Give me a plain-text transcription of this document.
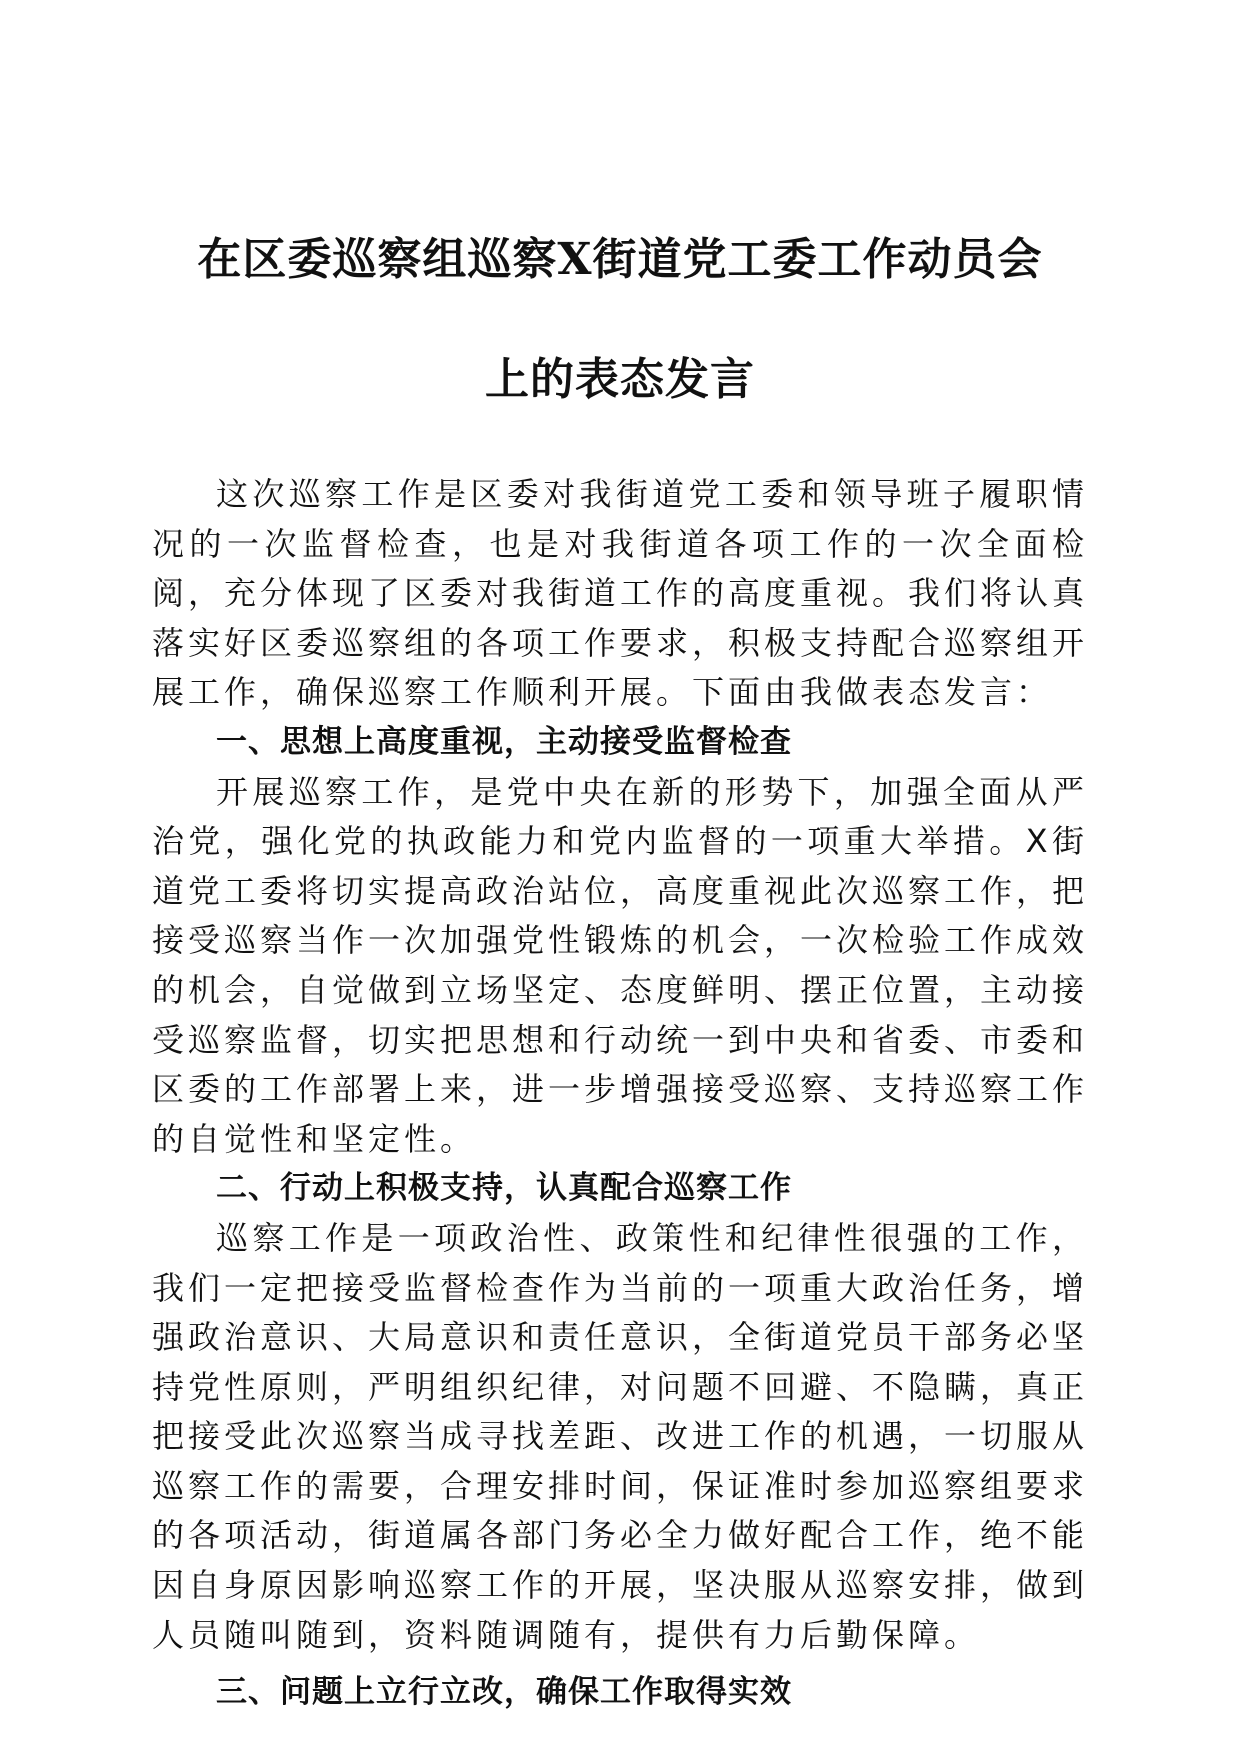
在区委巡察组巡察X街道党工委工作动员会
上的表态发言

这次巡察工作是区委对我街道党工委和领导班子履职情况的一次监督检查，也是对我街道各项工作的一次全面检阅，充分体现了区委对我街道工作的高度重视。我们将认真落实好区委巡察组的各项工作要求，积极支持配合巡察组开展工作，确保巡察工作顺利开展。下面由我做表态发言：

一、思想上高度重视，主动接受监督检查

开展巡察工作，是党中央在新的形势下，加强全面从严治党，强化党的执政能力和党内监督的一项重大举措。X街道党工委将切实提高政治站位，高度重视此次巡察工作，把接受巡察当作一次加强党性锻炼的机会，一次检验工作成效的机会，自觉做到立场坚定、态度鲜明、摆正位置，主动接受巡察监督，切实把思想和行动统一到中央和省委、市委和区委的工作部署上来，进一步增强接受巡察、支持巡察工作的自觉性和坚定性。

二、行动上积极支持，认真配合巡察工作

巡察工作是一项政治性、政策性和纪律性很强的工作，我们一定把接受监督检查作为当前的一项重大政治任务，增强政治意识、大局意识和责任意识，全街道党员干部务必坚持党性原则，严明组织纪律，对问题不回避、不隐瞒，真正把接受此次巡察当成寻找差距、改进工作的机遇，一切服从巡察工作的需要，合理安排时间，保证准时参加巡察组要求的各项活动，街道属各部门务必全力做好配合工作，绝不能因自身原因影响巡察工作的开展，坚决服从巡察安排，做到人员随叫随到，资料随调随有，提供有力后勤保障。

三、问题上立行立改，确保工作取得实效
